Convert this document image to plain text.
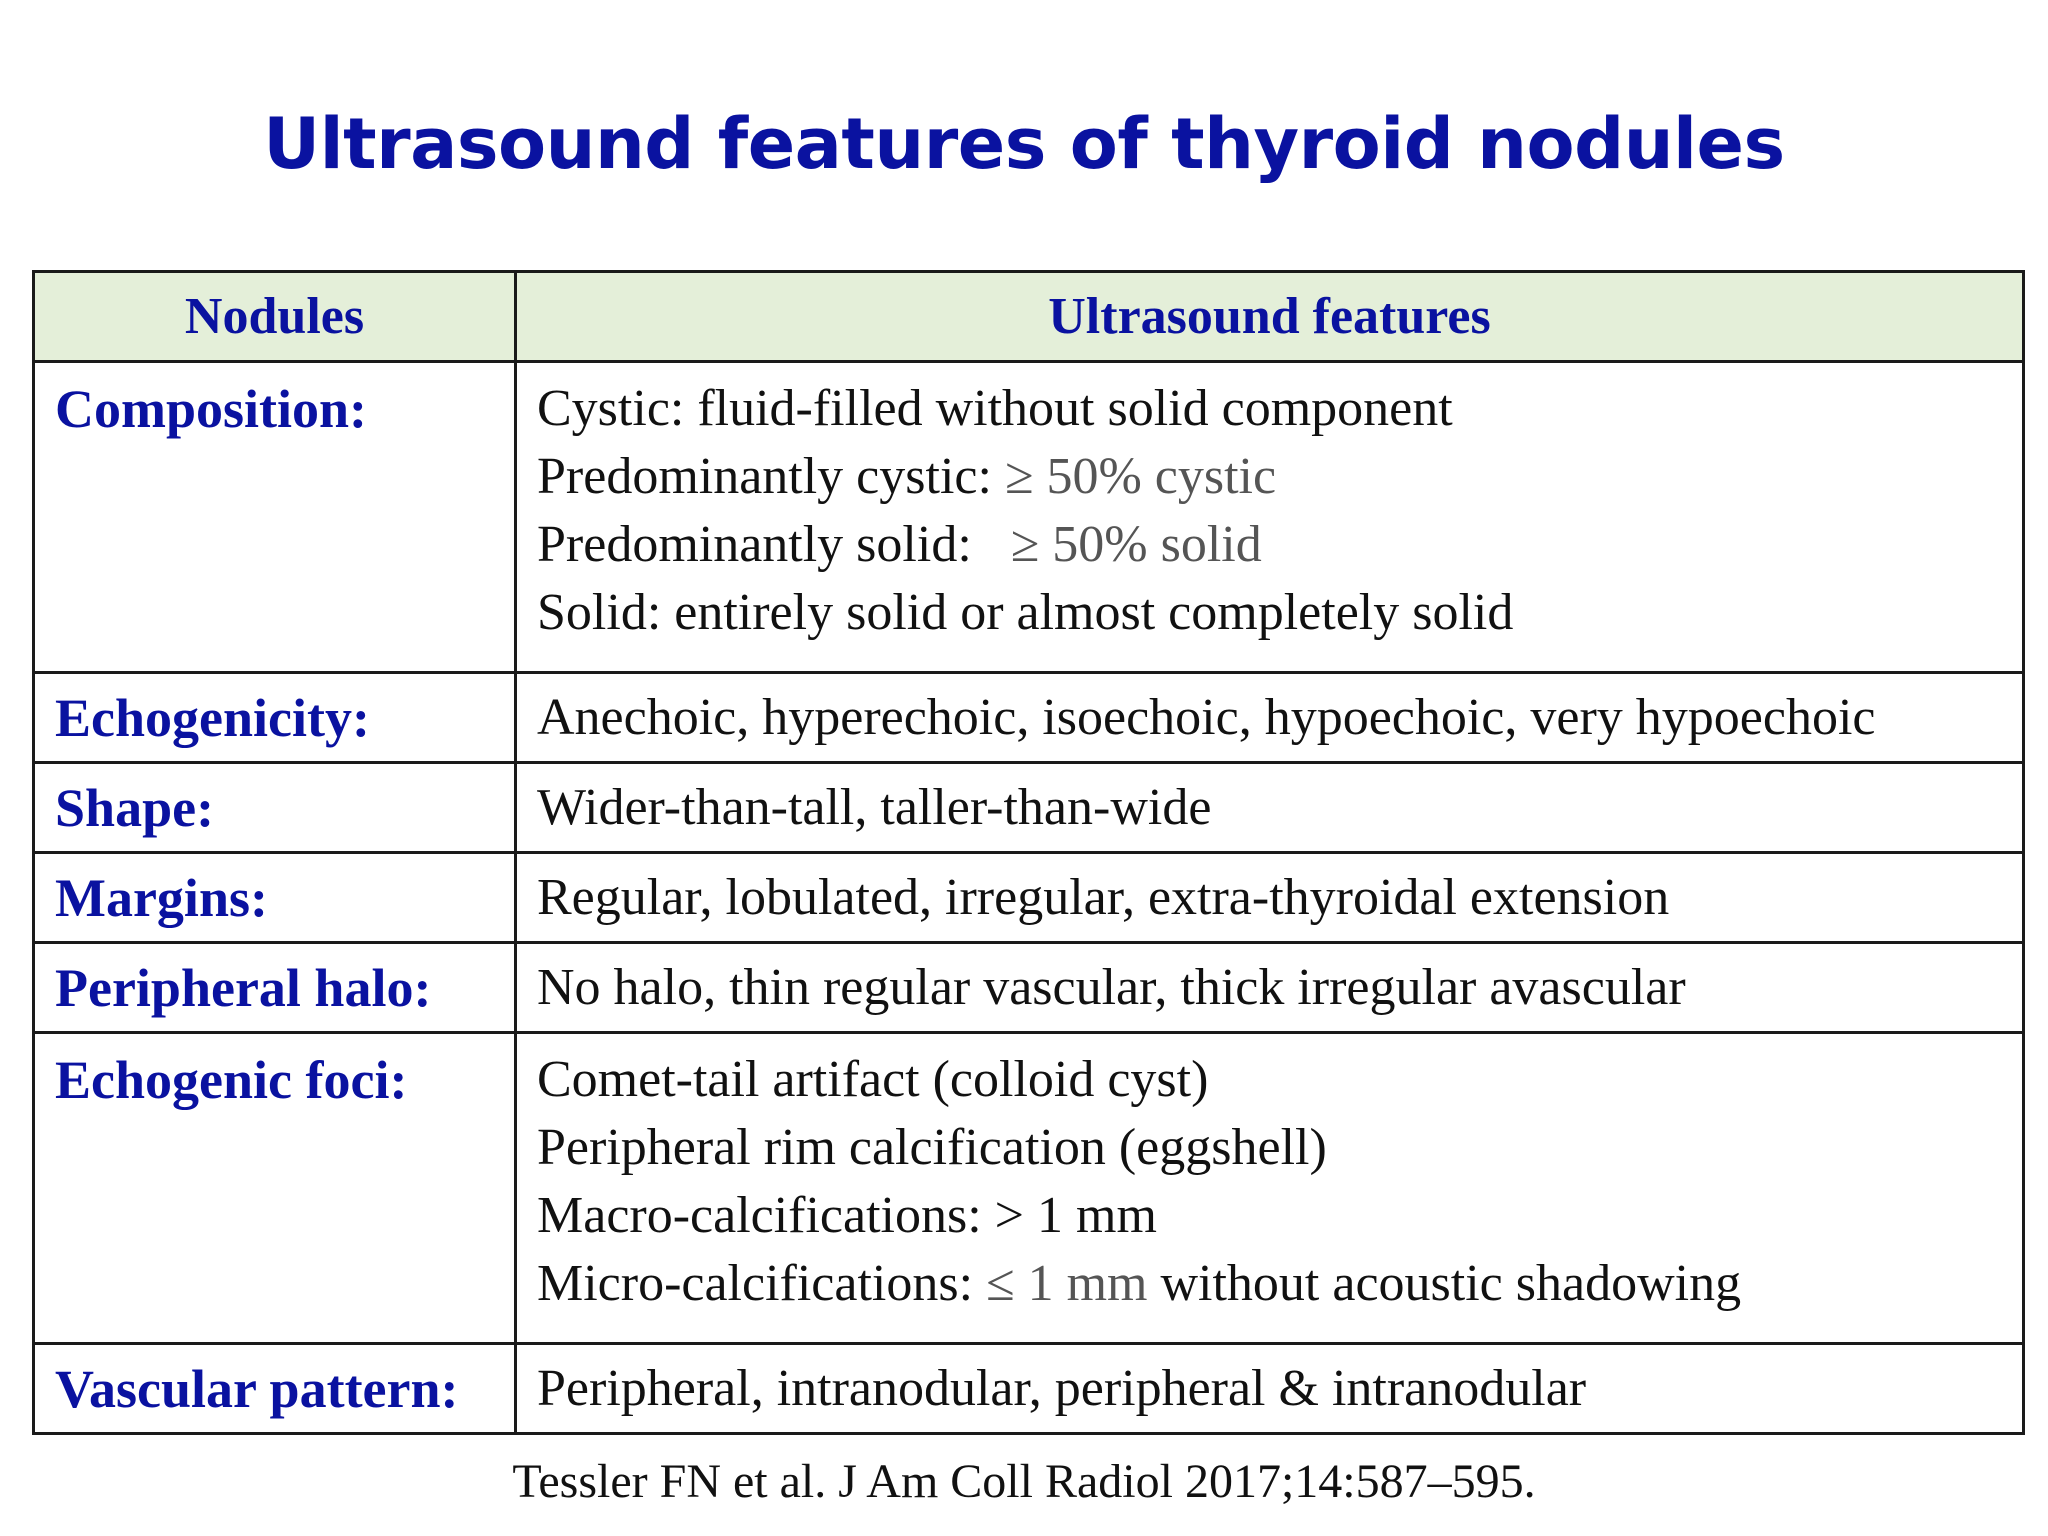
Ultrasound features of thyroid nodules
Nodules	Ultrasound features
Composition:	Cystic: fluid-filled without solid component
Predominantly cystic: ≥ 50% cystic
Predominantly solid:   ≥ 50% solid
Solid: entirely solid or almost completely solid

Echogenicity:	Anechoic, hyperechoic, isoechoic, hypoechoic, very hypoechoic
Shape:	Wider-than-tall, taller-than-wide
Margins:	Regular, lobulated, irregular, extra-thyroidal extension
Peripheral halo:	No halo, thin regular vascular, thick irregular avascular
Echogenic foci:	Comet-tail artifact (colloid cyst)
Peripheral rim calcification (eggshell)
Macro-calcifications: > 1 mm
Micro-calcifications: ≤ 1 mm without acoustic shadowing

Vascular pattern:	Peripheral, intranodular, peripheral & intranodular
Tessler FN et al. J Am Coll Radiol 2017;14:587–595.
